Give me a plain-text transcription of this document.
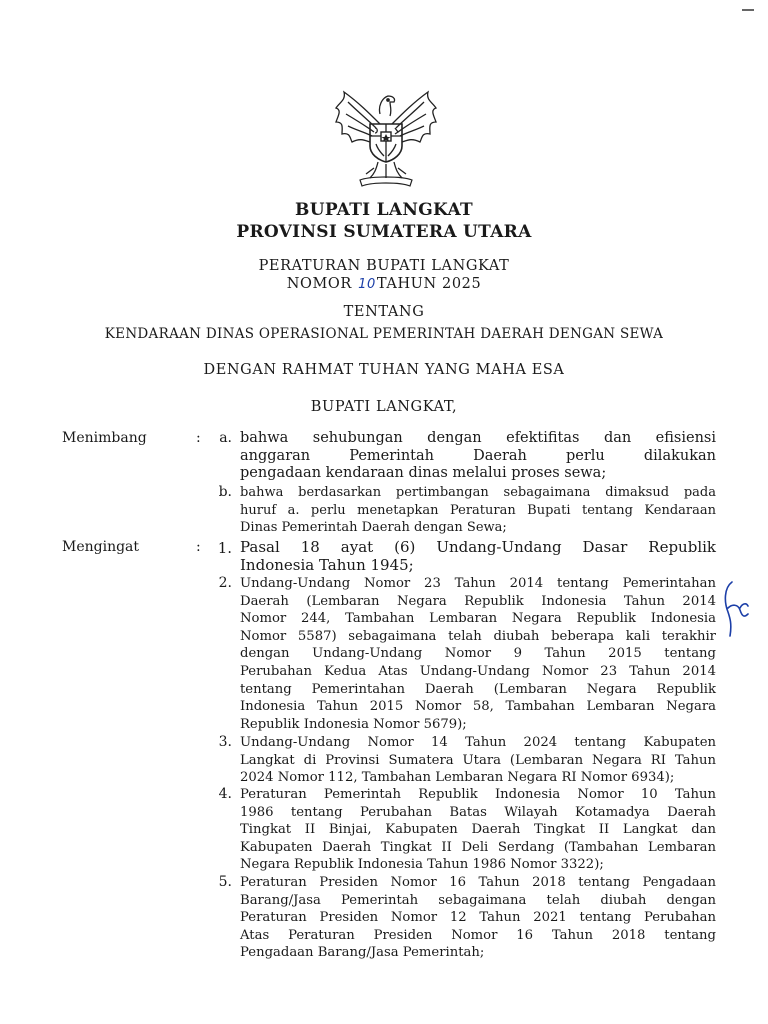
BUPATI LANGKAT
PROVINSI SUMATERA UTARA
PERATURAN BUPATI LANGKAT
NOMOR 10TAHUN 2025
TENTANG
KENDARAAN DINAS OPERASIONAL PEMERINTAH DAERAH DENGAN SEWA
DENGAN RAHMAT TUHAN YANG MAHA ESA
BUPATI LANGKAT,
Menimbang	:	a. bahwa sehubungan dengan efektifitas dan efisiensi
anggaran Pemerintah Daerah perlu dilakukan
pengadaan kendaraan dinas melalui proses sewa;
b. bahwa berdasarkan pertimbangan sebagaimana dimaksud pada
huruf a. perlu menetapkan Peraturan Bupati tentang Kendaraan
Dinas Pemerintah Daerah dengan Sewa;
Mengingat	:	1. Pasal 18 ayat (6) Undang-Undang Dasar Republik
Indonesia Tahun 1945;
2. Undang-Undang Nomor 23 Tahun 2014 tentang Pemerintahan
Daerah (Lembaran Negara Republik Indonesia Tahun 2014
Nomor 244, Tambahan Lembaran Negara Republik Indonesia
Nomor 5587) sebagaimana telah diubah beberapa kali terakhir
dengan Undang-Undang Nomor 9 Tahun 2015 tentang
Perubahan Kedua Atas Undang-Undang Nomor 23 Tahun 2014
tentang Pemerintahan Daerah (Lembaran Negara Republik
Indonesia Tahun 2015 Nomor 58, Tambahan Lembaran Negara
Republik Indonesia Nomor 5679);
3. Undang-Undang Nomor 14 Tahun 2024 tentang Kabupaten
Langkat di Provinsi Sumatera Utara (Lembaran Negara RI Tahun
2024 Nomor 112, Tambahan Lembaran Negara RI Nomor 6934);
4. Peraturan Pemerintah Republik Indonesia Nomor 10 Tahun
1986 tentang Perubahan Batas Wilayah Kotamadya Daerah
Tingkat II Binjai, Kabupaten Daerah Tingkat II Langkat dan
Kabupaten Daerah Tingkat II Deli Serdang (Tambahan Lembaran
Negara Republik Indonesia Tahun 1986 Nomor 3322);
5. Peraturan Presiden Nomor 16 Tahun 2018 tentang Pengadaan
Barang/Jasa Pemerintah sebagaimana telah diubah dengan
Peraturan Presiden Nomor 12 Tahun 2021 tentang Perubahan
Atas Peraturan Presiden Nomor 16 Tahun 2018 tentang
Pengadaan Barang/Jasa Pemerintah;
